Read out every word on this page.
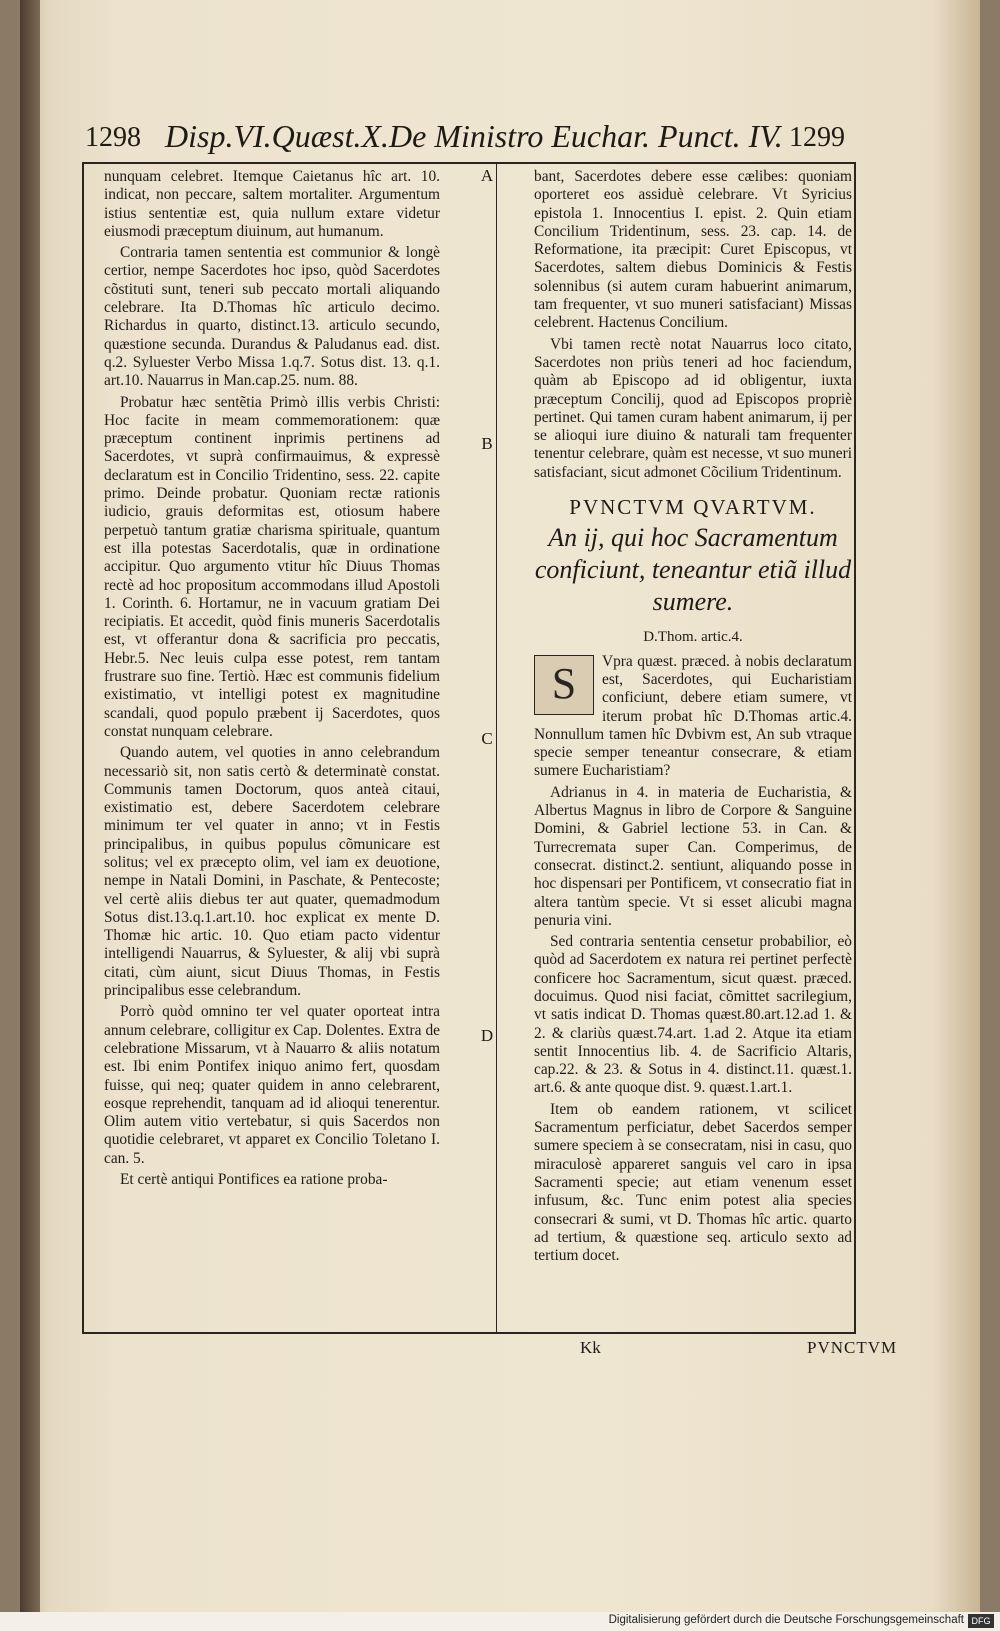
1298 Disp.VI.Quæst.X.De Ministro Euchar. Punct. IV. 1299
A
B
C
D

nunquam celebret. Itemque Caietanus hîc art. 10. indicat, non peccare, saltem mortaliter. Argumentum istius sententiæ est, quia nullum extare videtur eiusmodi præceptum diuinum, aut humanum.

Contraria tamen sententia est communior & longè certior, nempe Sacerdotes hoc ipso, quòd Sacerdotes cõstituti sunt, teneri sub peccato mortali aliquando celebrare. Ita D.Thomas hîc articulo decimo. Richardus in quarto, distinct.13. articulo secundo, quæstione secunda. Durandus & Paludanus ead. dist. q.2. Syluester Verbo Missa 1.q.7. Sotus dist. 13. q.1. art.10. Nauarrus in Man.cap.25. num. 88.

Probatur hæc sentẽtia Primò illis verbis Christi: Hoc facite in meam commemorationem: quæ præceptum continent inprimis pertinens ad Sacerdotes, vt suprà confirmauimus, & expressè declaratum est in Concilio Tridentino, sess. 22. capite primo. Deinde probatur. Quoniam rectæ rationis iudicio, grauis deformitas est, otiosum habere perpetuò tantum gratiæ charisma spirituale, quantum est illa potestas Sacerdotalis, quæ in ordinatione accipitur. Quo argumento vtitur hîc Diuus Thomas rectè ad hoc propositum accommodans illud Apostoli 1. Corinth. 6. Hortamur, ne in vacuum gratiam Dei recipiatis. Et accedit, quòd finis muneris Sacerdotalis est, vt offerantur dona & sacrificia pro peccatis, Hebr.5. Nec leuis culpa esse potest, rem tantam frustrare suo fine. Tertiò. Hæc est communis fidelium existimatio, vt intelligi potest ex magnitudine scandali, quod populo præbent ij Sacerdotes, quos constat nunquam celebrare.

Quando autem, vel quoties in anno celebrandum necessariò sit, non satis certò & determinatè constat. Communis tamen Doctorum, quos anteà citaui, existimatio est, debere Sacerdotem celebrare minimum ter vel quater in anno; vt in Festis principalibus, in quibus populus cõmunicare est solitus; vel ex præcepto olim, vel iam ex deuotione, nempe in Natali Domini, in Paschate, & Pentecoste; vel certè aliis diebus ter aut quater, quemadmodum Sotus dist.13.q.1.art.10. hoc explicat ex mente D. Thomæ hic artic. 10. Quo etiam pacto videntur intelligendi Nauarrus, & Syluester, & alij vbi suprà citati, cùm aiunt, sicut Diuus Thomas, in Festis principalibus esse celebrandum.

Porrò quòd omnino ter vel quater oporteat intra annum celebrare, colligitur ex Cap. Dolentes. Extra de celebratione Missarum, vt à Nauarro & aliis notatum est. Ibi enim Pontifex iniquo animo fert, quosdam fuisse, qui neq; quater quidem in anno celebrarent, eosque reprehendit, tanquam ad id alioqui tenerentur. Olim autem vitio vertebatur, si quis Sacerdos non quotidie celebraret, vt apparet ex Concilio Toletano I. can. 5.

Et certè antiqui Pontifices ea ratione proba-

bant, Sacerdotes debere esse cælibes: quoniam oporteret eos assiduè celebrare. Vt Syricius epistola 1. Innocentius I. epist. 2. Quin etiam Concilium Tridentinum, sess. 23. cap. 14. de Reformatione, ita præcipit: Curet Episcopus, vt Sacerdotes, saltem diebus Dominicis & Festis solennibus (si autem curam habuerint animarum, tam frequenter, vt suo muneri satisfaciant) Missas celebrent. Hactenus Concilium.

Vbi tamen rectè notat Nauarrus loco citato, Sacerdotes non priùs teneri ad hoc faciendum, quàm ab Episcopo ad id obligentur, iuxta præceptum Concilij, quod ad Episcopos propriè pertinet. Qui tamen curam habent animarum, ij per se alioqui iure diuino & naturali tam frequenter tenentur celebrare, quàm est necesse, vt suo muneri satisfaciant, sicut admonet Cõcilium Tridentinum.

PVNCTVM QVARTVM.
An ij, qui hoc Sacramentum conficiunt, teneantur etiã illud sumere.
D.Thom. artic.4.

S	Vpra quæst. præced. à nobis declaratum est, Sacerdotes, qui Eucharistiam conficiunt, debere etiam sumere, vt iterum probat hîc D.Thomas artic.4. Nonnullum tamen hîc Dvbivm est, An sub vtraque specie semper teneantur consecrare, & etiam sumere Eucharistiam?

Adrianus in 4. in materia de Eucharistia, & Albertus Magnus in libro de Corpore & Sanguine Domini, & Gabriel lectione 53. in Can. & Turrecremata super Can. Comperimus, de consecrat. distinct.2. sentiunt, aliquando posse in hoc dispensari per Pontificem, vt consecratio fiat in altera tantùm specie. Vt si esset alicubi magna penuria vini.

Sed contraria sententia censetur probabilior, eò quòd ad Sacerdotem ex natura rei pertinet perfectè conficere hoc Sacramentum, sicut quæst. præced. docuimus. Quod nisi faciat, cõmittet sacrilegium, vt satis indicat D. Thomas quæst.80.art.12.ad 1. & 2. & clariùs quæst.74.art. 1.ad 2. Atque ita etiam sentit Innocentius lib. 4. de Sacrificio Altaris, cap.22. & 23. & Sotus in 4. distinct.11. quæst.1. art.6. & ante quoque dist. 9. quæst.1.art.1.

Item ob eandem rationem, vt scilicet Sacramentum perficiatur, debet Sacerdos semper sumere speciem à se consecratam, nisi in casu, quo miraculosè appareret sanguis vel caro in ipsa Sacramenti specie; aut etiam venenum esset infusum, &c. Tunc enim potest alia species consecrari & sumi, vt D. Thomas hîc artic. quarto ad tertium, & quæstione seq. articulo sexto ad tertium docet.

Kk	PVNCTVM
Digitalisierung gefördert durch die Deutsche Forschungsgemeinschaft DFG
